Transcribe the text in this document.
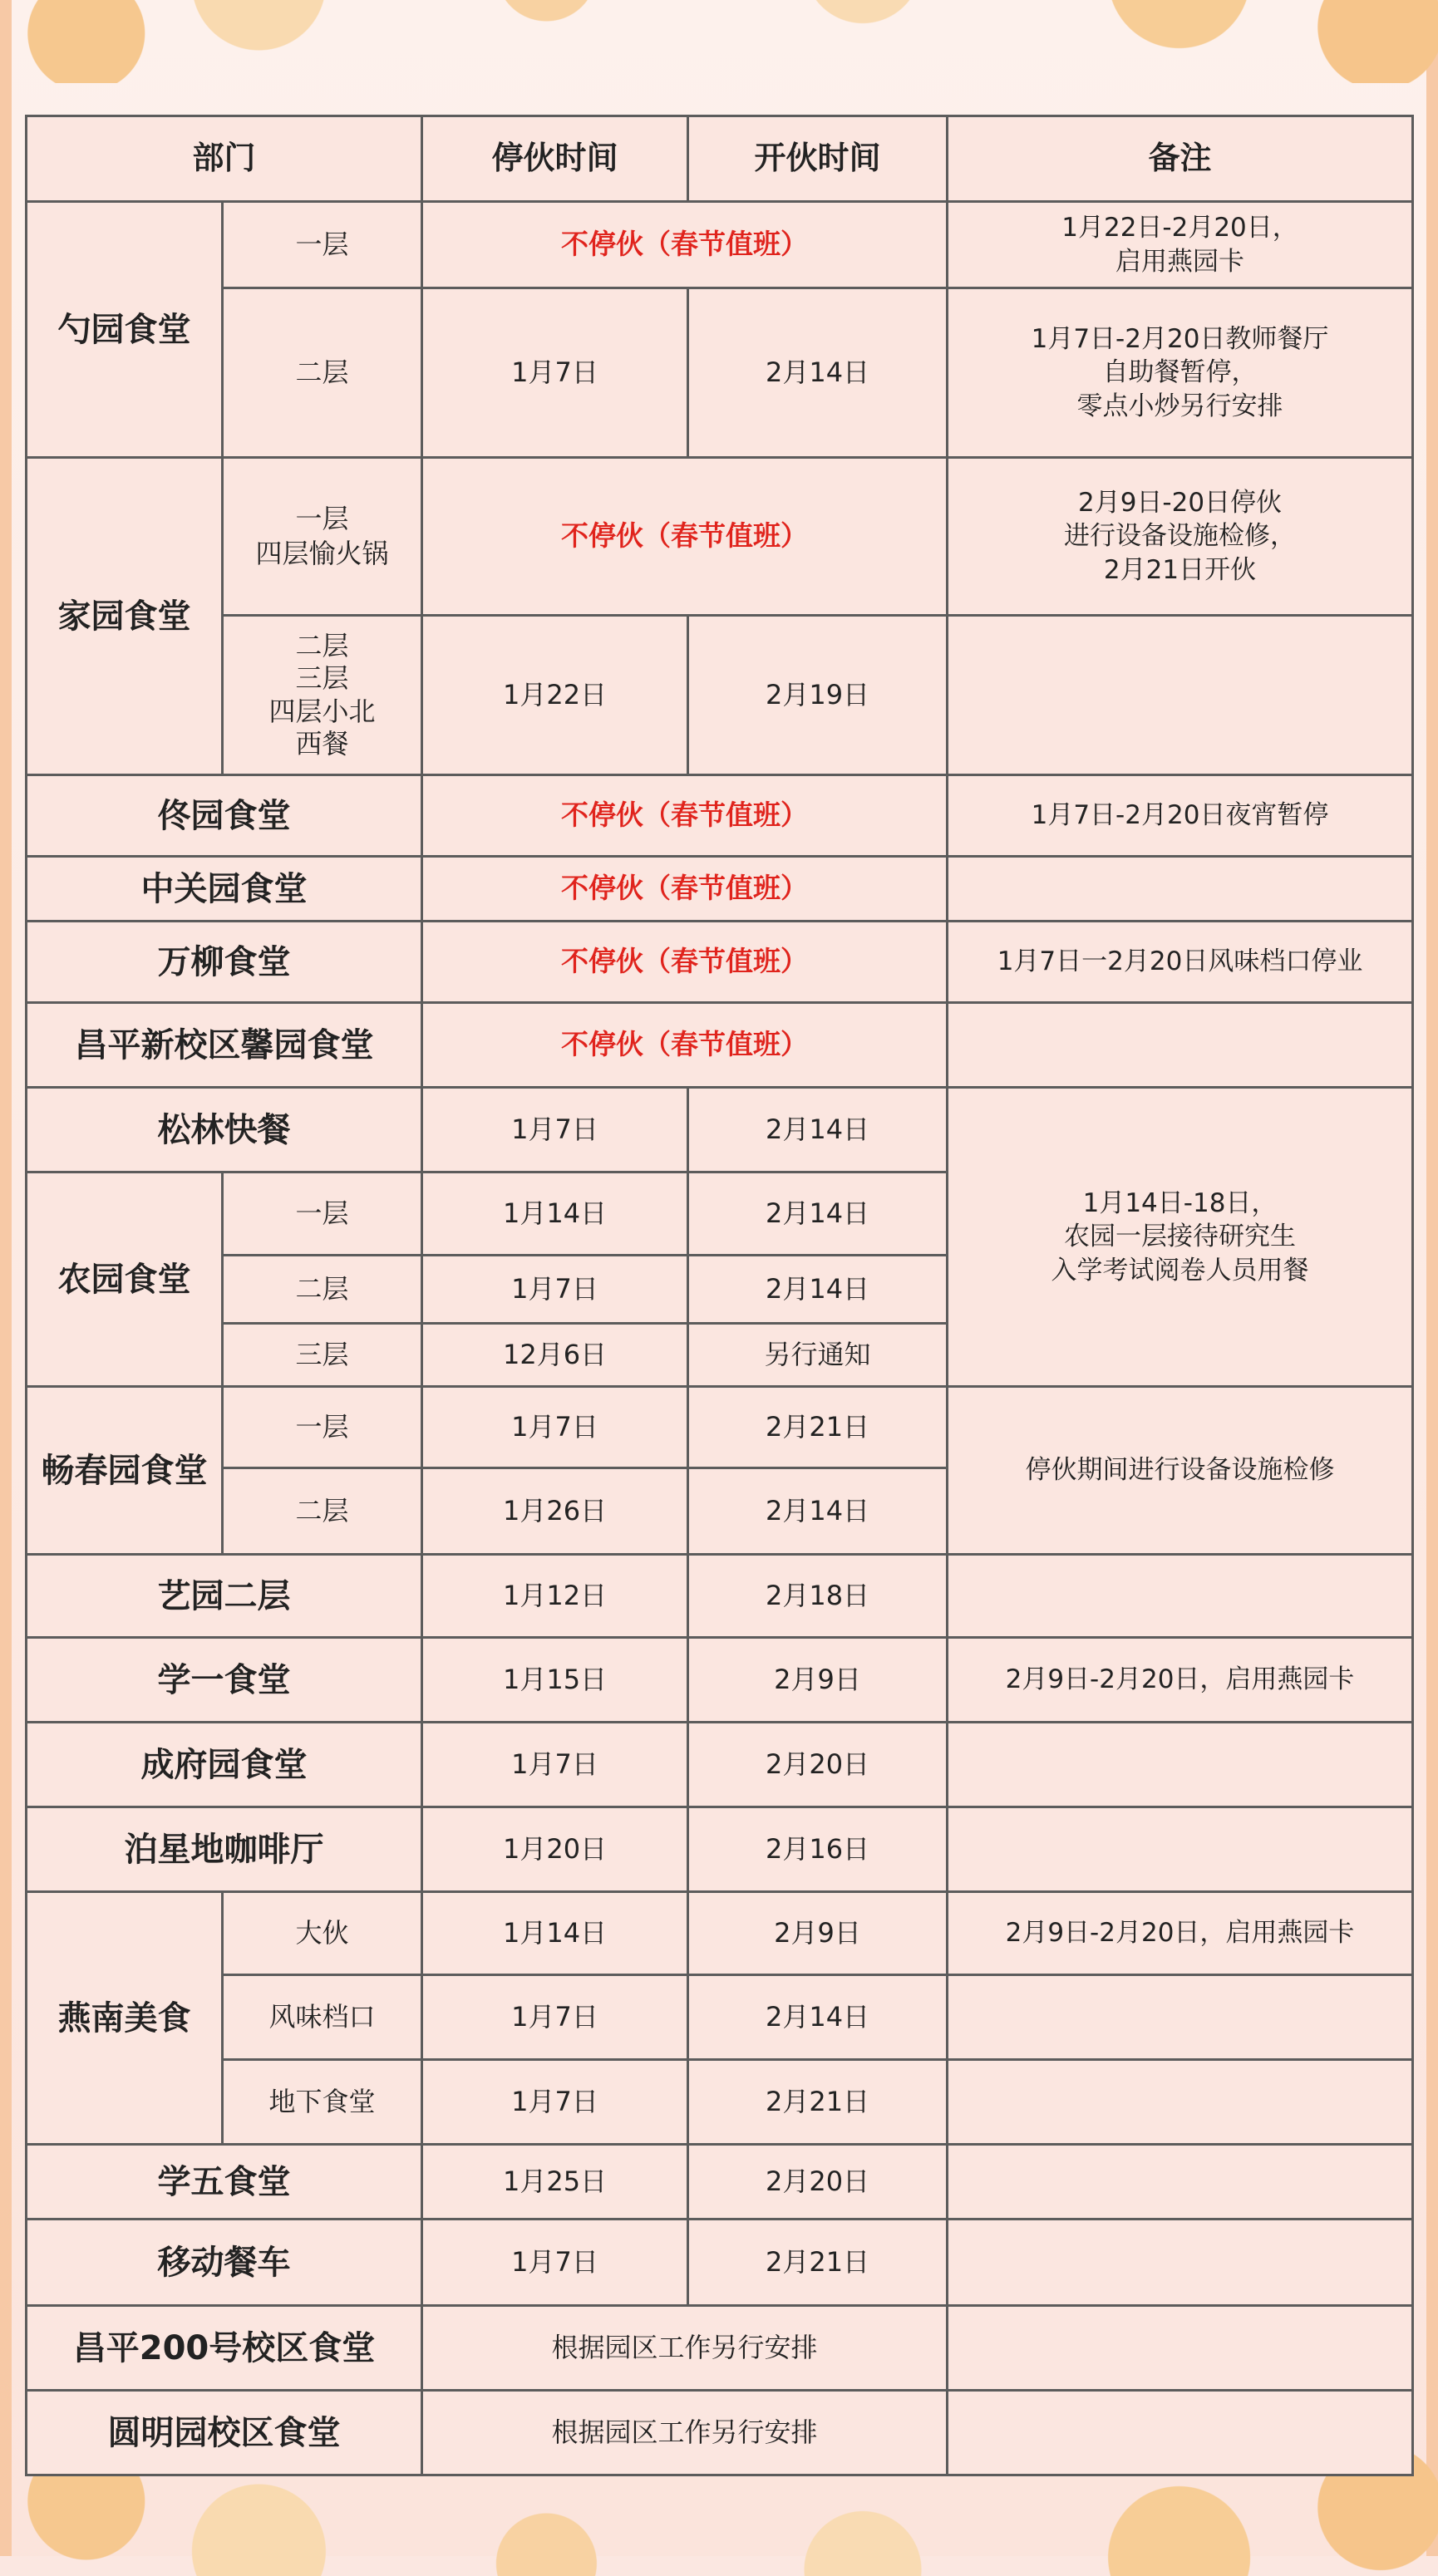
部门		停伙时间	开伙时间	备注
勺园食堂	一层	不停伙（春节值班）		1月22日-2月20日，
启用燕园卡
	二层	1月7日	2月14日	1月7日-2月20日教师餐厅
自助餐暂停，
零点小炒另行安排
家园食堂	一层
四层愉火锅	不停伙（春节值班）		2月9日-20日停伙
进行设备设施检修，
2月21日开伙
	二层
三层
四层小北
西餐	1月22日	2月19日	
佟园食堂		不停伙（春节值班）		1月7日-2月20日夜宵暂停
中关园食堂		不停伙（春节值班）		
万柳食堂		不停伙（春节值班）		1月7日一2月20日风味档口停业
昌平新校区馨园食堂		不停伙（春节值班）		
松林快餐		1月7日	2月14日	1月14日-18日，
农园一层接待研究生
入学考试阅卷人员用餐
农园食堂	一层	1月14日	2月14日	
	二层	1月7日	2月14日	
	三层	12月6日	另行通知	
畅春园食堂	一层	1月7日	2月21日	停伙期间进行设备设施检修
	二层	1月26日	2月14日	
艺园二层		1月12日	2月18日	
学一食堂		1月15日	2月9日	2月9日-2月20日，启用燕园卡
成府园食堂		1月7日	2月20日	
泊星地咖啡厅		1月20日	2月16日	
燕南美食	大伙	1月14日	2月9日	2月9日-2月20日，启用燕园卡
	风味档口	1月7日	2月14日	
	地下食堂	1月7日	2月21日	
学五食堂		1月25日	2月20日	
移动餐车		1月7日	2月21日	
昌平200号校区食堂		根据园区工作另行安排		
圆明园校区食堂		根据园区工作另行安排		
